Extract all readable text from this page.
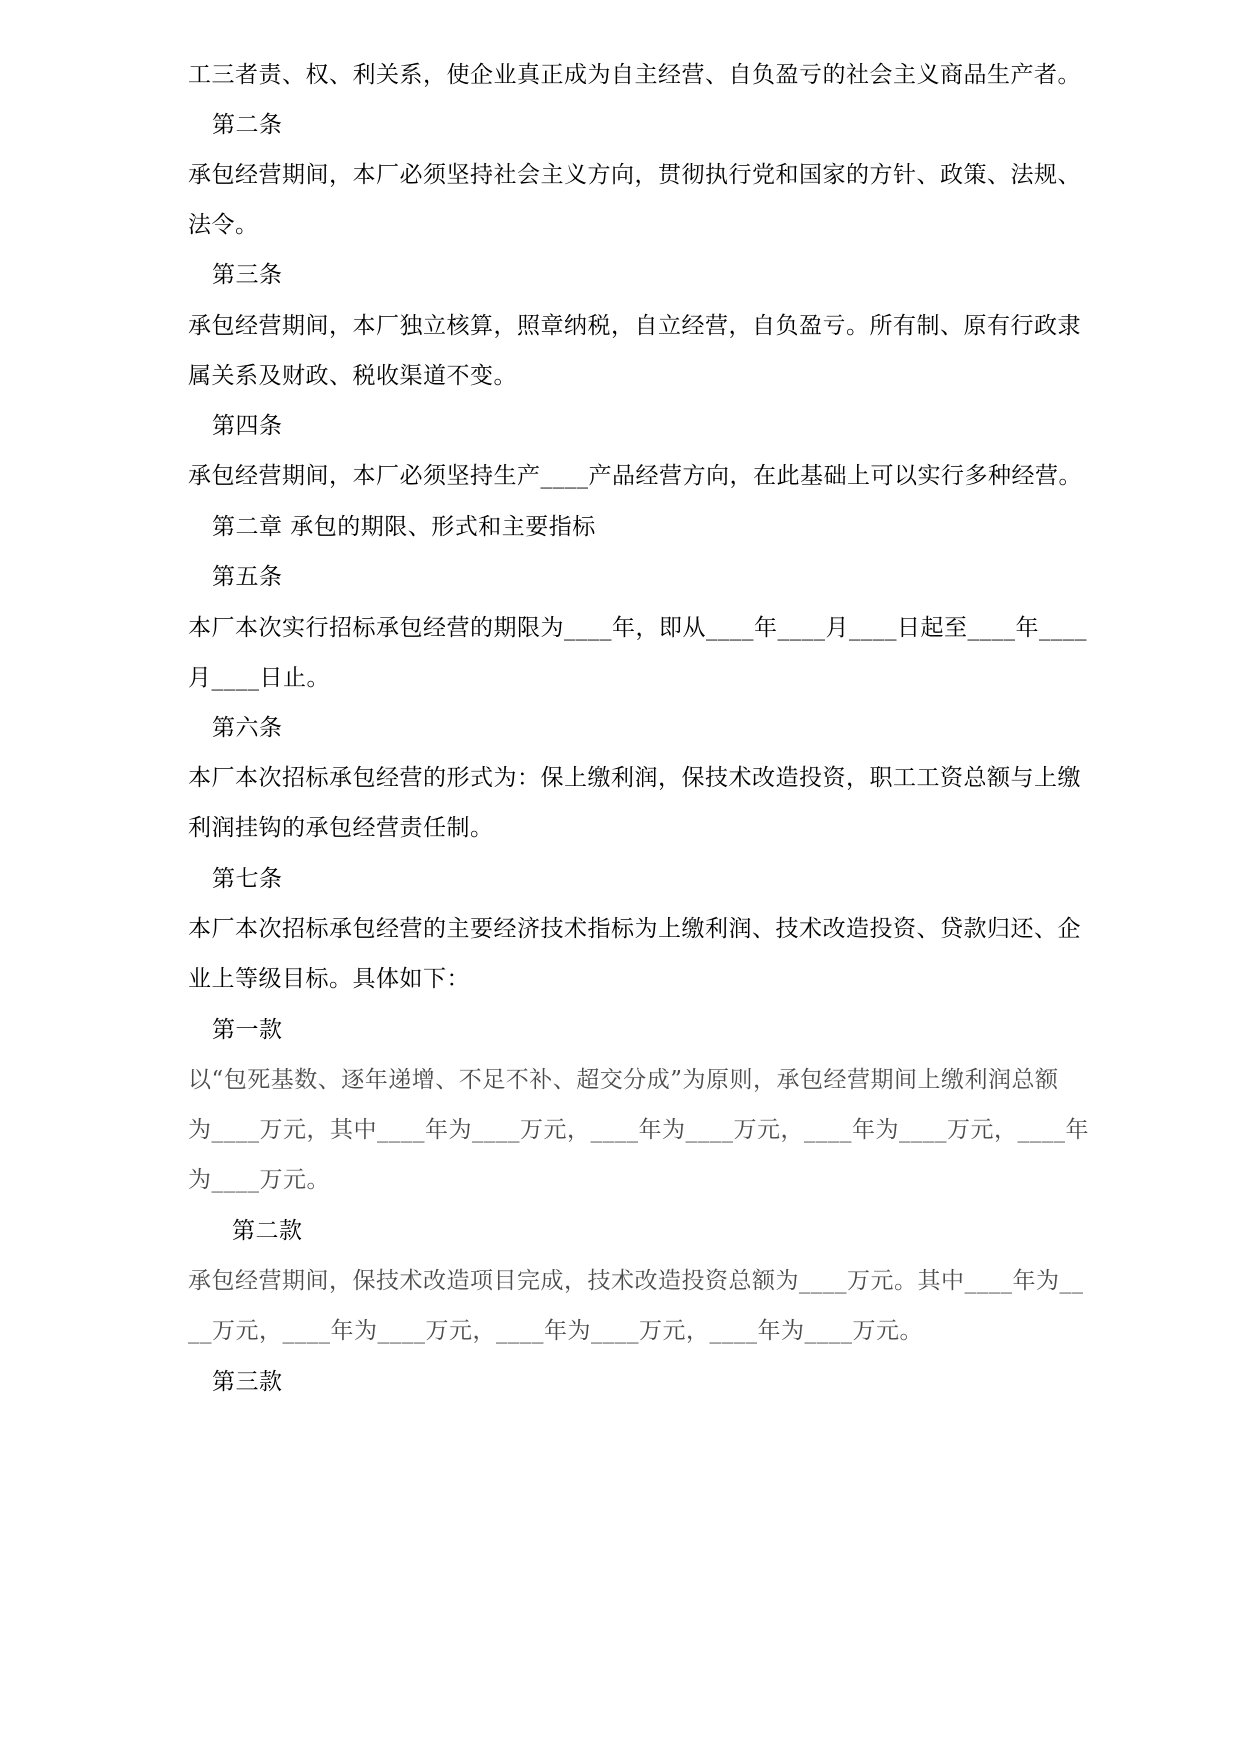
工三者责、权、利关系，使企业真正成为自主经营、自负盈亏的社会主义商品生产者。
第二条
承包经营期间，本厂必须坚持社会主义方向，贯彻执行党和国家的方针、政策、法规、
法令。
第三条
承包经营期间，本厂独立核算，照章纳税，自立经营，自负盈亏。所有制、原有行政隶
属关系及财政、税收渠道不变。
第四条
承包经营期间，本厂必须坚持生产____产品经营方向，在此基础上可以实行多种经营。
第二章 承包的期限、形式和主要指标
第五条
本厂本次实行招标承包经营的期限为____年，即从____年____月____日起至____年____
月____日止。
第六条
本厂本次招标承包经营的形式为：保上缴利润，保技术改造投资，职工工资总额与上缴
利润挂钩的承包经营责任制。
第七条
本厂本次招标承包经营的主要经济技术指标为上缴利润、技术改造投资、贷款归还、企
业上等级目标。具体如下：
第一款
以“包死基数、逐年递增、不足不补、超交分成”为原则，承包经营期间上缴利润总额
为____万元，其中____年为____万元，____年为____万元，____年为____万元，____年
为____万元。
第二款
承包经营期间，保技术改造项目完成，技术改造投资总额为____万元。其中____年为__
__万元，____年为____万元，____年为____万元，____年为____万元。
第三款
